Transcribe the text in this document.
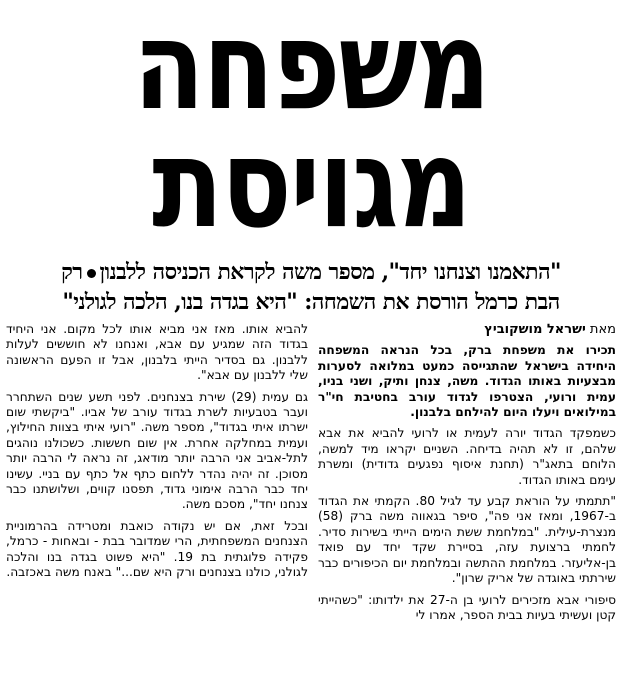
משפחה
מגויסת
"התאמנו וצנחנו יחד", מספר משה לקראת הכניסה ללבנוןרק
הבת כרמל הורסת את השמחה: "היא בגדה בנו, הלכה לגולני"
מאת ישראל מושקוביץ

תכירו את משפחת ברק, בכל הנראה המשפחה היחידה בישראל שהתגייסה כמעט במלואה לסערות מבצעיות באותו הגדוד. משה, צנחן ותיק, ושני בניו, עמית ורועי, הצטרפו לגדוד עורב בחטיבת חי"ר במילואים ויעלו היום להילחם בלבנון.

כשמפקד הגדוד יורה לעמית או לרועי להביא את אבא שלהם, זו לא תהיה בדיחה. השניים יקראו מיד למשה, הלוחם בתאג"ר (תחנת איסוף נפגעים גדודית) ומשרת עימם באותו הגדוד.

"תתמתי על הוראת קבע עד לגיל 80. הקמתי את הגדוד ב-1967, ומאז אני פה", סיפר בגאווה משה ברק (58) מנצרת-עילית. "במלחמת ששת הימים הייתי בשירות סדיר. לחמתי ברצועת עזה, בסיירת שקד יחד עם פואד בן-אליעזר. במלחמת ההתשה ובמלחמת יום הכיפורים כבר שירתתי באוגדה של אריק שרון".

סיפורי אבא מזכירים לרועי בן ה-27 את ילדותו: "כשהייתי קטן ועשיתי בעיות בבית הספר, אמרו לי

להביא אותו. מאז אני מביא אותו לכל מקום. אני היחיד בגדוד הזה שמגיע עם אבא, ואנחנו לא חוששים לעלות ללבנון. גם בסדיר הייתי בלבנון, אבל זו הפעם הראשונה שלי ללבנון עם אבא".

גם עמית (29) שירת בצנחנים. לפני תשע שנים השתחרר ועבר בטבעיות לשרת בגדוד עורב של אביו. "ביקשתי שום ישרתו איתי בגדוד", מספר משה. "רועי איתי בצוות החילוץ, ועמית במחלקה אחרת. אין שום חששות. כשכולנו נוהגים לתל-אביב אני הרבה יותר מודאג, זה נראה לי הרבה יותר מסוכן. זה יהיה נהדר ללחום כתף אל כתף עם בניי. עשינו יחד כבר הרבה אימוני גדוד, תפסנו קווים, ושלושתנו כבר צנחנו יחד", מסכם משה.

ובכל זאת, אם יש נקודה כואבת ומטרידה בהרמוניית הצנחנים המשפחתית, הרי שמדובר בבת - ובאחות - כרמל, פקידה פלוגתית בת 19. "היא פשוט בגדה בנו והלכה לגולני, כולנו בצנחנים ורק היא שם..." באנח משה באכזבה.
